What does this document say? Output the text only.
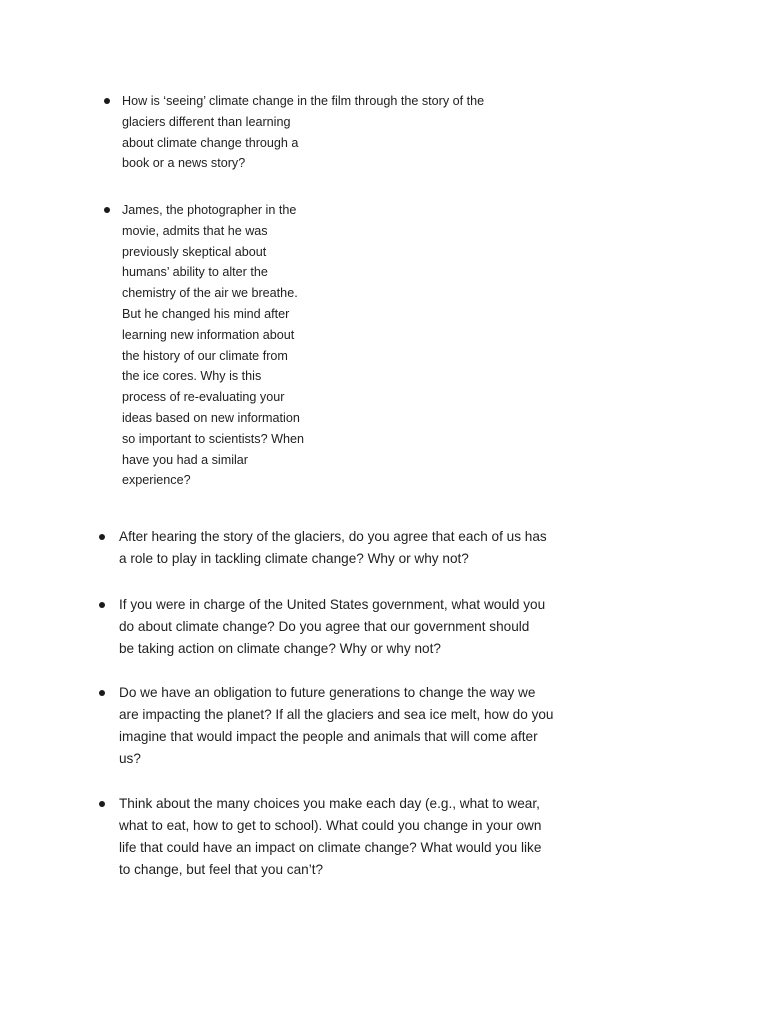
How is ‘seeing’ climate change in the film through the story of the
glaciers different than learning
about climate change through a
book or a news story?
James, the photographer in the
movie, admits that he was
previously skeptical about
humans’ ability to alter the
chemistry of the air we breathe.
But he changed his mind after
learning new information about
the history of our climate from
the ice cores. Why is this
process of re-evaluating your
ideas based on new information
so important to scientists? When
have you had a similar
experience?
After hearing the story of the glaciers, do you agree that each of us has
a role to play in tackling climate change? Why or why not?
If you were in charge of the United States government, what would you
do about climate change? Do you agree that our government should
be taking action on climate change? Why or why not?
Do we have an obligation to future generations to change the way we
are impacting the planet? If all the glaciers and sea ice melt, how do you
imagine that would impact the people and animals that will come after
us?
Think about the many choices you make each day (e.g., what to wear,
what to eat, how to get to school). What could you change in your own
life that could have an impact on climate change? What would you like
to change, but feel that you can’t?
